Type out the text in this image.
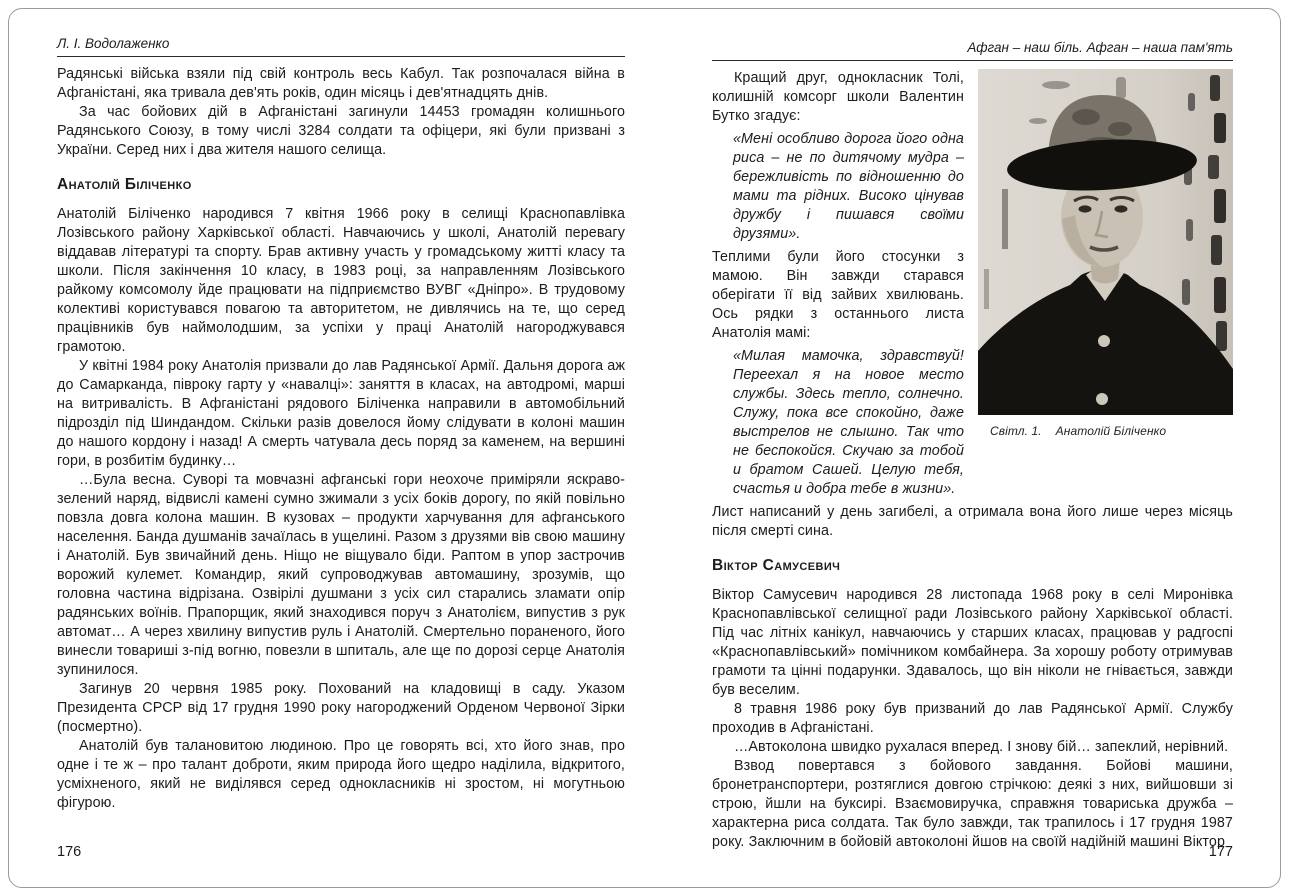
Л. І. Водолаженко

Радянські війська взяли під свій контроль весь Кабул. Так розпочалася війна в Афганістані, яка тривала дев'ять років, один місяць і дев'ятнадцять днів.

За час бойових дій в Афганістані загинули 14453 громадян колишнього Радянського Союзу, в тому числі 3284 солдати та офіцери, які були призвані з України. Серед них і два жителя нашого селища.

Анатолій Біліченко

Анатолій Біліченко народився 7 квітня 1966 року в селищі Краснопавлівка Лозівського району Харківської області. Навчаючись у школі, Анатолій перевагу віддавав літературі та спорту. Брав активну участь у громадському житті класу та школи. Після закінчення 10 класу, в 1983 році, за направленням Лозівського райкому комсомолу йде працювати на підприємство ВУВГ «Дніпро». В трудовому колективі користувався повагою та авторитетом, не дивлячись на те, що серед працівників був наймолодшим, за успіхи у праці Анатолій нагороджувався грамотою.

У квітні 1984 року Анатолія призвали до лав Радянської Армії. Дальня дорога аж до Самарканда, півроку гарту у «навалці»: заняття в класах, на автодромі, марші на витривалість. В Афганістані рядового Біліченка направили в автомобільний підрозділ під Шиндандом. Скільки разів довелося йому слідувати в колоні машин до нашого кордону і назад! А смерть чатувала десь поряд за каменем, на вершині гори, в розбитім будинку…

…Була весна. Суворі та мовчазні афганські гори неохоче приміряли яскраво-зелений наряд, відвислі камені сумно зжимали з усіх боків дорогу, по якій повільно повзла довга колона машин. В кузовах – продукти харчування для афганського населення. Банда душманів зачаїлась в ущелині. Разом з друзями вів свою машину і Анатолій. Був звичайний день. Ніщо не віщувало біди. Раптом в упор застрочив ворожий кулемет. Командир, який супроводжував автомашину, зрозумів, що головна частина відрізана. Озвірілі душмани з усіх сил старались зламати опір радянських воїнів. Прапорщик, який знаходився поруч з Анатолієм, випустив з рук автомат… А через хвилину випустив руль і Анатолій. Смертельно пораненого, його винесли товариші з-під вогню, повезли в шпиталь, але ще по дорозі серце Анатолія зупинилося.

Загинув 20 червня 1985 року. Похований на кладовищі в саду. Указом Президента СРСР від 17 грудня 1990 року нагороджений Орденом Червоної Зірки (посмертно).

Анатолій був талановитою людиною. Про це говорять всі, хто його знав, про одне і те ж – про талант доброти, яким природа його щедро наділила, відкритого, усміхненого, який не виділявся серед однокласників ні зростом, ні могутньою фігурою.

176
Афган – наш біль. Афган – наша пам'ять

Кращий друг, однокласник Толі, колишній комсорг школи Валентин Бутко згадує:

«Мені особливо дорога його одна риса – не по дитячому мудра – бережливість по відношенню до мами та рідних. Високо цінував дружбу і пишався своїми друзями».

Теплими були його стосунки з мамою. Він завжди старався оберігати її від зайвих хвилювань. Ось рядки з останнього листа Анатолія мамі:

«Милая мамочка, здравствуй! Переехал я на новое место службы. Здесь тепло, солнечно. Служу, пока все спокойно, даже выстрелов не слышно. Так что не беспокойся. Скучаю за тобой и братом Сашей. Целую тебя, счастья и добра тебе в жизни».
Світл. 1. Анатолій Біліченко

Лист написаний у день загибелі, а отримала вона його лише через місяць після смерті сина.

Віктор Самусевич

Віктор Самусевич народився 28 листопада 1968 року в селі Миронівка Краснопавлівської селищної ради Лозівського району Харківської області. Під час літніх канікул, навчаючись у старших класах, працював у радгоспі «Краснопавлівський» помічником комбайнера. За хорошу роботу отримував грамоти та цінні подарунки. Здавалось, що він ніколи не гнівається, завжди був веселим.

8 травня 1986 року був призваний до лав Радянської Армії. Службу проходив в Афганістані.

…Автоколона швидко рухалася вперед. І знову бій… запеклий, нерівний.

Взвод повертався з бойового завдання. Бойові машини, бронетранспортери, розтяглися довгою стрічкою: деякі з них, вийшовши зі строю, йшли на буксирі. Взаємовиручка, справжня товариська дружба – характерна риса солдата. Так було завжди, так трапилось і 17 грудня 1987 року. Заключним в бойовій автоколоні йшов на своїй надійній машині Віктор

177
